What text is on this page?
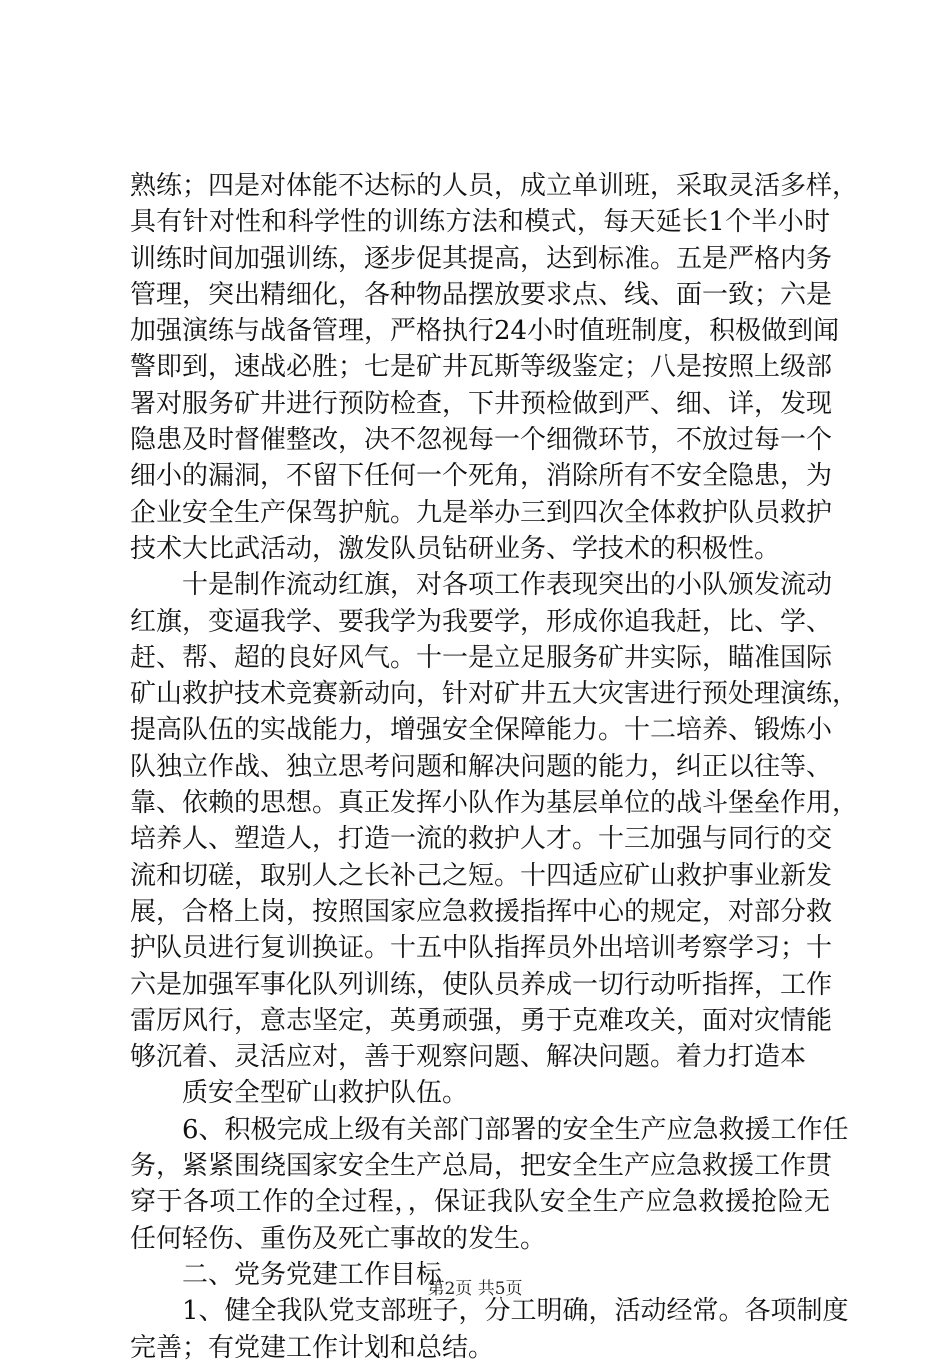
熟练；四是对体能不达标的人员，成立单训班，采取灵活多样，
具有针对性和科学性的训练方法和模式，每天延长1个半小时
训练时间加强训练，逐步促其提高，达到标准。五是严格内务
管理，突出精细化，各种物品摆放要求点、线、面一致；六是
加强演练与战备管理，严格执行24小时值班制度，积极做到闻
警即到，速战必胜；七是矿井瓦斯等级鉴定；八是按照上级部
署对服务矿井进行预防检查，下井预检做到严、细、详，发现
隐患及时督催整改，决不忽视每一个细微环节，不放过每一个
细小的漏洞，不留下任何一个死角，消除所有不安全隐患，为
企业安全生产保驾护航。九是举办三到四次全体救护队员救护
技术大比武活动，激发队员钻研业务、学技术的积极性。
十是制作流动红旗，对各项工作表现突出的小队颁发流动
红旗，变逼我学、要我学为我要学，形成你追我赶，比、学、
赶、帮、超的良好风气。十一是立足服务矿井实际，瞄准国际
矿山救护技术竞赛新动向，针对矿井五大灾害进行预处理演练，
提高队伍的实战能力，增强安全保障能力。十二培养、锻炼小
队独立作战、独立思考问题和解决问题的能力，纠正以往等、
靠、依赖的思想。真正发挥小队作为基层单位的战斗堡垒作用，
培养人、塑造人，打造一流的救护人才。十三加强与同行的交
流和切磋，取别人之长补己之短。十四适应矿山救护事业新发
展，合格上岗，按照国家应急救援指挥中心的规定，对部分救
护队员进行复训换证。十五中队指挥员外出培训考察学习；十
六是加强军事化队列训练，使队员养成一切行动听指挥，工作
雷厉风行，意志坚定，英勇顽强，勇于克难攻关，面对灾情能
够沉着、灵活应对，善于观察问题、解决问题。着力打造本
质安全型矿山救护队伍。
6、积极完成上级有关部门部署的安全生产应急救援工作任
务，紧紧围绕国家安全生产总局，把安全生产应急救援工作贯
穿于各项工作的全过程，，保证我队安全生产应急救援抢险无
任何轻伤、重伤及死亡事故的发生。
二、党务党建工作目标
1、健全我队党支部班子，分工明确，活动经常。各项制度
完善；有党建工作计划和总结。
第2页 共5页
